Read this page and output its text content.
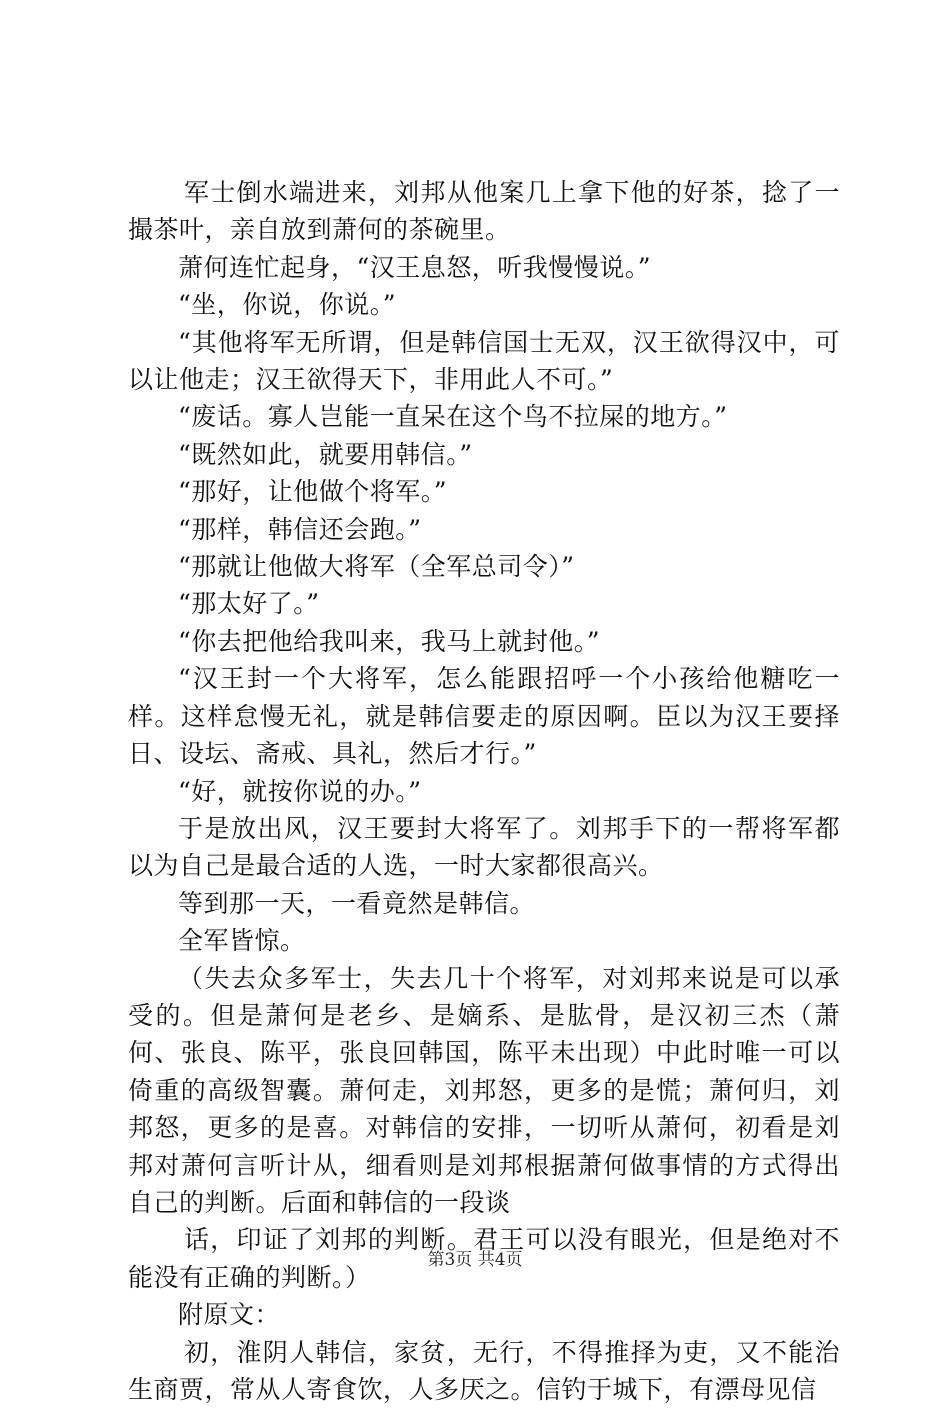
军士倒水端进来，刘邦从他案几上拿下他的好茶，捻了一撮茶叶，亲自放到萧何的茶碗里。

萧何连忙起身，“汉王息怒，听我慢慢说。”

“坐，你说，你说。”

“其他将军无所谓，但是韩信国士无双，汉王欲得汉中，可以让他走；汉王欲得天下，非用此人不可。”

“废话。寡人岂能一直呆在这个鸟不拉屎的地方。”

“既然如此，就要用韩信。”

“那好，让他做个将军。”

“那样，韩信还会跑。”

“那就让他做大将军（全军总司令）”

“那太好了。”

“你去把他给我叫来，我马上就封他。”

“汉王封一个大将军，怎么能跟招呼一个小孩给他糖吃一样。这样怠慢无礼，就是韩信要走的原因啊。臣以为汉王要择日、设坛、斋戒、具礼，然后才行。”

“好，就按你说的办。”

于是放出风，汉王要封大将军了。刘邦手下的一帮将军都以为自己是最合适的人选，一时大家都很高兴。

等到那一天，一看竟然是韩信。

全军皆惊。

（失去众多军士，失去几十个将军，对刘邦来说是可以承受的。但是萧何是老乡、是嫡系、是肱骨，是汉初三杰（萧何、张良、陈平，张良回韩国，陈平未出现）中此时唯一可以倚重的高级智囊。萧何走，刘邦怒，更多的是慌；萧何归，刘邦怒，更多的是喜。对韩信的安排，一切听从萧何，初看是刘邦对萧何言听计从，细看则是刘邦根据萧何做事情的方式得出自己的判断。后面和韩信的一段谈

话，印证了刘邦的判断。君王可以没有眼光，但是绝对不能没有正确的判断。）

附原文：

初，淮阴人韩信，家贫，无行，不得推择为吏，又不能治生商贾，常从人寄食饮，人多厌之。信钓于城下，有漂母见信

第3页 共4页
